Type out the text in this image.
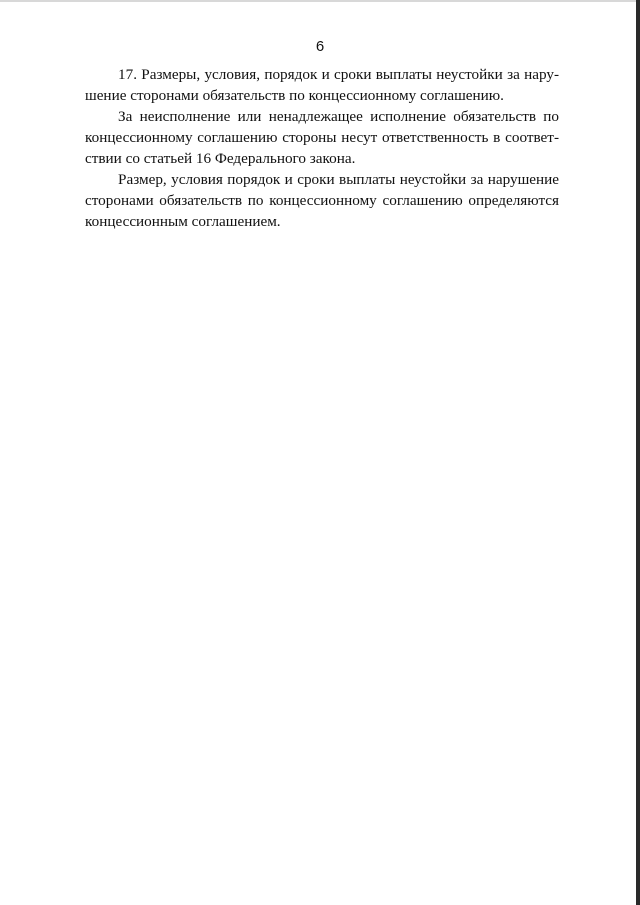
6
17. Размеры, условия, порядок и сроки выплаты неустойки за нару-
шение сторонами обязательств по концессионному соглашению.
За неисполнение или ненадлежащее исполнение обязательств по
концессионному соглашению стороны несут ответственность в соответ-
ствии со статьей 16 Федерального закона.
Размер, условия порядок и сроки выплаты неустойки за нарушение
сторонами обязательств по концессионному соглашению определяются
концессионным соглашением.
